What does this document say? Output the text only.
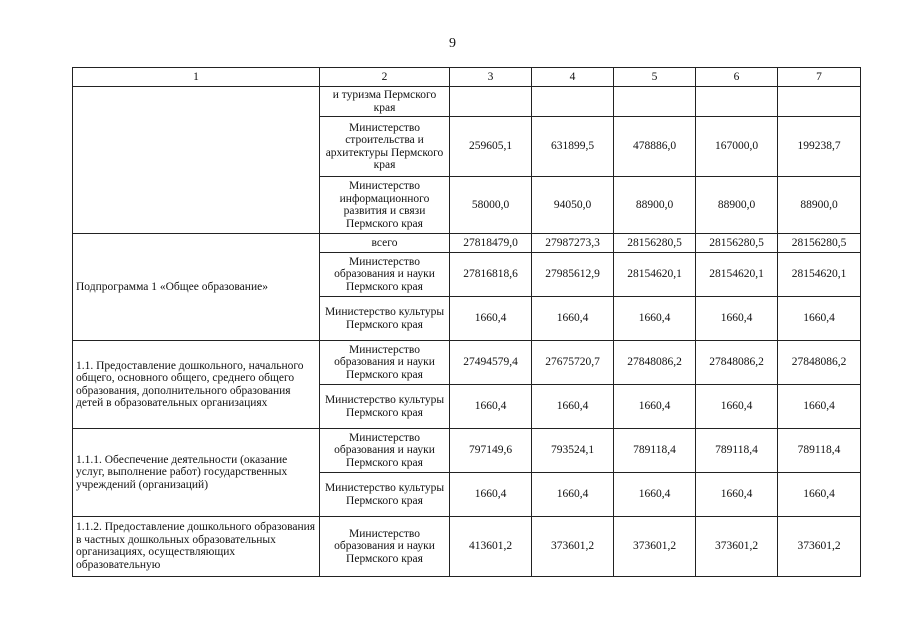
9
1	2	3	4	5	6	7
	и туризма Пермского края					
	Министерство строительства и архитектуры Пермского края	259605,1	631899,5	478886,0	167000,0	199238,7
	Министерство информационного развития и связи Пермского края	58000,0	94050,0	88900,0	88900,0	88900,0
Подпрограмма 1 «Общее образование»	всего	27818479,0	27987273,3	28156280,5	28156280,5	28156280,5
	Министерство образования и науки Пермского края	27816818,6	27985612,9	28154620,1	28154620,1	28154620,1
	Министерство культуры Пермского края	1660,4	1660,4	1660,4	1660,4	1660,4
1.1. Предоставление дошкольного, начального общего, основного общего, среднего общего образования, дополнительного образования детей в образовательных организациях	Министерство образования и науки Пермского края	27494579,4	27675720,7	27848086,2	27848086,2	27848086,2
	Министерство культуры Пермского края	1660,4	1660,4	1660,4	1660,4	1660,4
1.1.1. Обеспечение деятельности (оказание услуг, выполнение работ) государственных учреждений (организаций)	Министерство образования и науки Пермского края	797149,6	793524,1	789118,4	789118,4	789118,4
	Министерство культуры Пермского края	1660,4	1660,4	1660,4	1660,4	1660,4
1.1.2. Предоставление дошкольного образования в частных дошкольных образовательных организациях, осуществляющих образовательную	Министерство образования и науки Пермского края	413601,2	373601,2	373601,2	373601,2	373601,2
